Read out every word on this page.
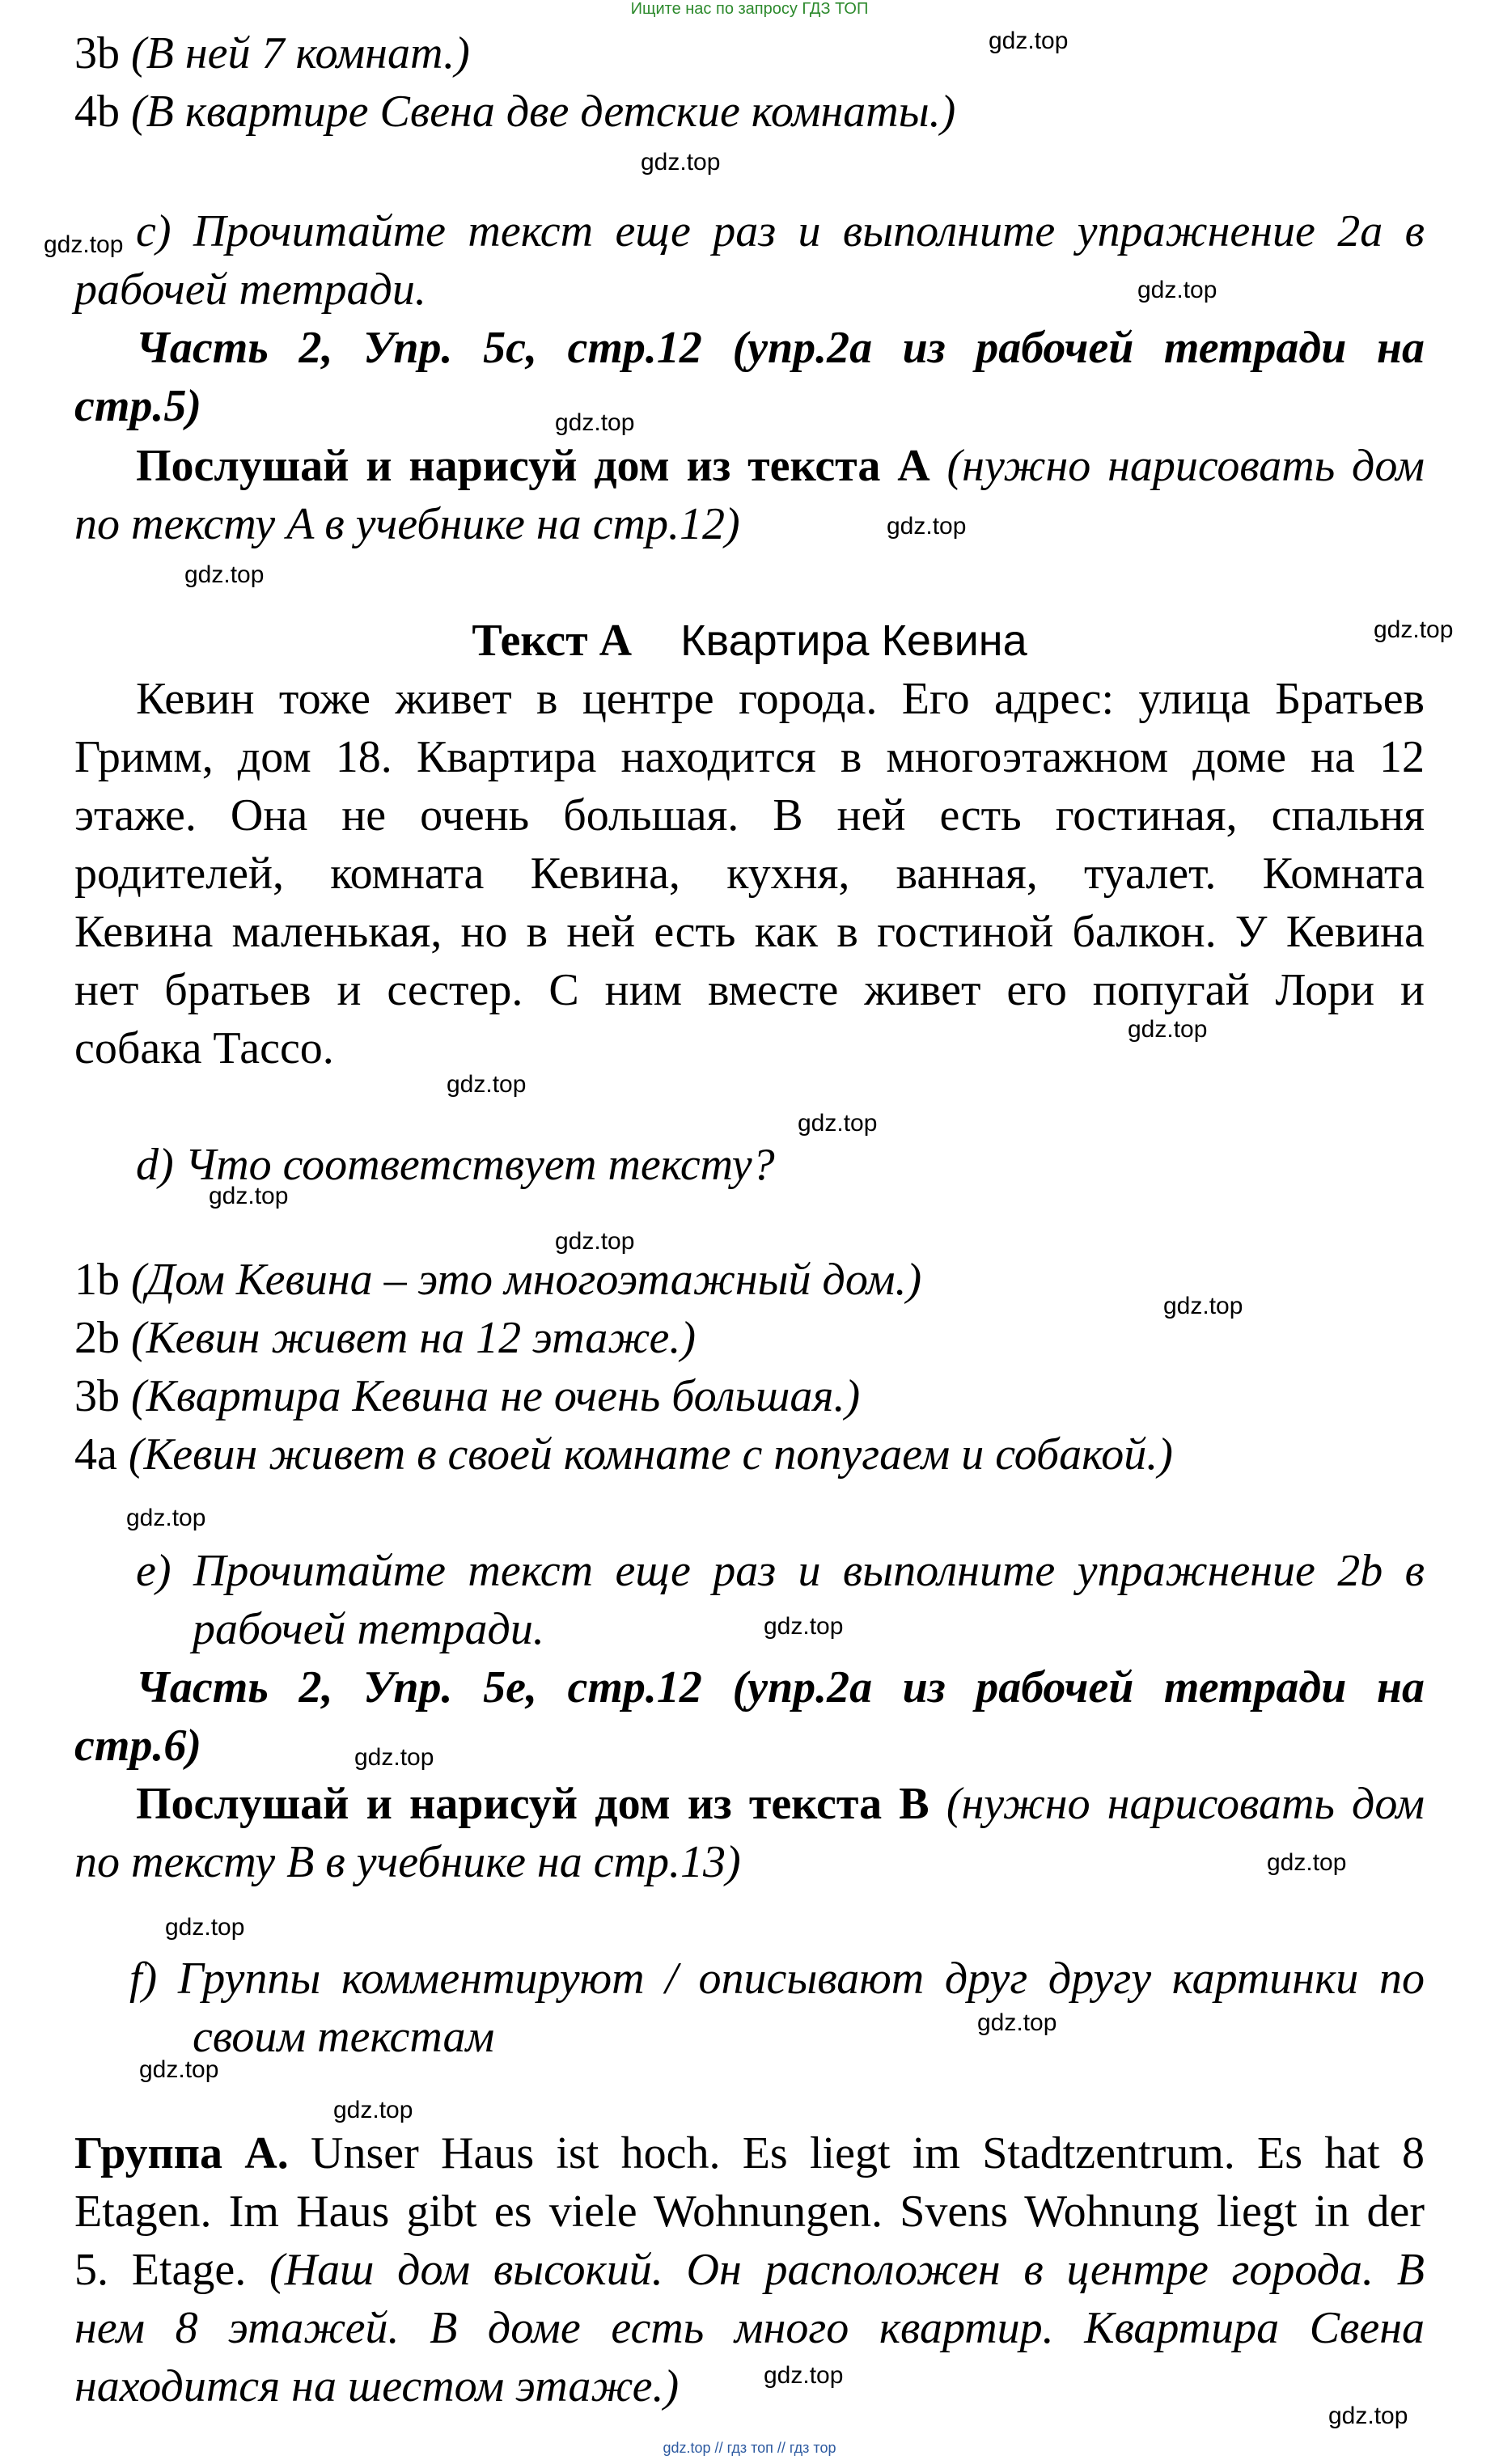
Ищите нас по запросу ГДЗ ТОП
3b (В ней 7 комнат.)
4b (В квартире Свена две детские комнаты.)
c) Прочитайте текст еще раз и выполните упражнение 2a в
рабочей тетради.
Часть 2, Упр. 5c, стр.12 (упр.2a из рабочей тетради на
стр.5)
Послушай и нарисуй дом из текста A (нужно нарисовать дом
по тексту A в учебнике на стр.12)
Текст A Квартира Кевина
Кевин тоже живет в центре города. Его адрес: улица Братьев
Гримм, дом 18. Квартира находится в многоэтажном доме на 12
этаже. Она не очень большая. В ней есть гостиная, спальня
родителей, комната Кевина, кухня, ванная, туалет. Комната
Кевина маленькая, но в ней есть как в гостиной балкон. У Кевина
нет братьев и сестер. С ним вместе живет его попугай Лори и
собака Тассо.
d) Что соответствует тексту?
1b (Дом Кевина – это многоэтажный дом.)
2b (Кевин живет на 12 этаже.)
3b (Квартира Кевина не очень большая.)
4a (Кевин живет в своей комнате с попугаем и собакой.)
e) Прочитайте текст еще раз и выполните упражнение 2b в
рабочей тетради.
Часть 2, Упр. 5e, стр.12 (упр.2a из рабочей тетради на
стр.6)
Послушай и нарисуй дом из текста B (нужно нарисовать дом
по тексту B в учебнике на стр.13)
f) Группы комментируют / описывают друг другу картинки по
своим текстам
Группа A. Unser Haus ist hoch. Es liegt im Stadtzentrum. Es hat 8
Etagen. Im Haus gibt es viele Wohnungen. Svens Wohnung liegt in der
5. Etage. (Наш дом высокий. Он расположен в центре города. В
нем 8 этажей. В доме есть много квартир. Квартира Свена
находится на шестом этаже.)
gdz.top
gdz.top
gdz.top
gdz.top
gdz.top
gdz.top
gdz.top
gdz.top
gdz.top
gdz.top
gdz.top
gdz.top
gdz.top
gdz.top
gdz.top
gdz.top
gdz.top
gdz.top
gdz.top
gdz.top
gdz.top
gdz.top
gdz.top
gdz.top
gdz.top // гдз топ // гдз тор
